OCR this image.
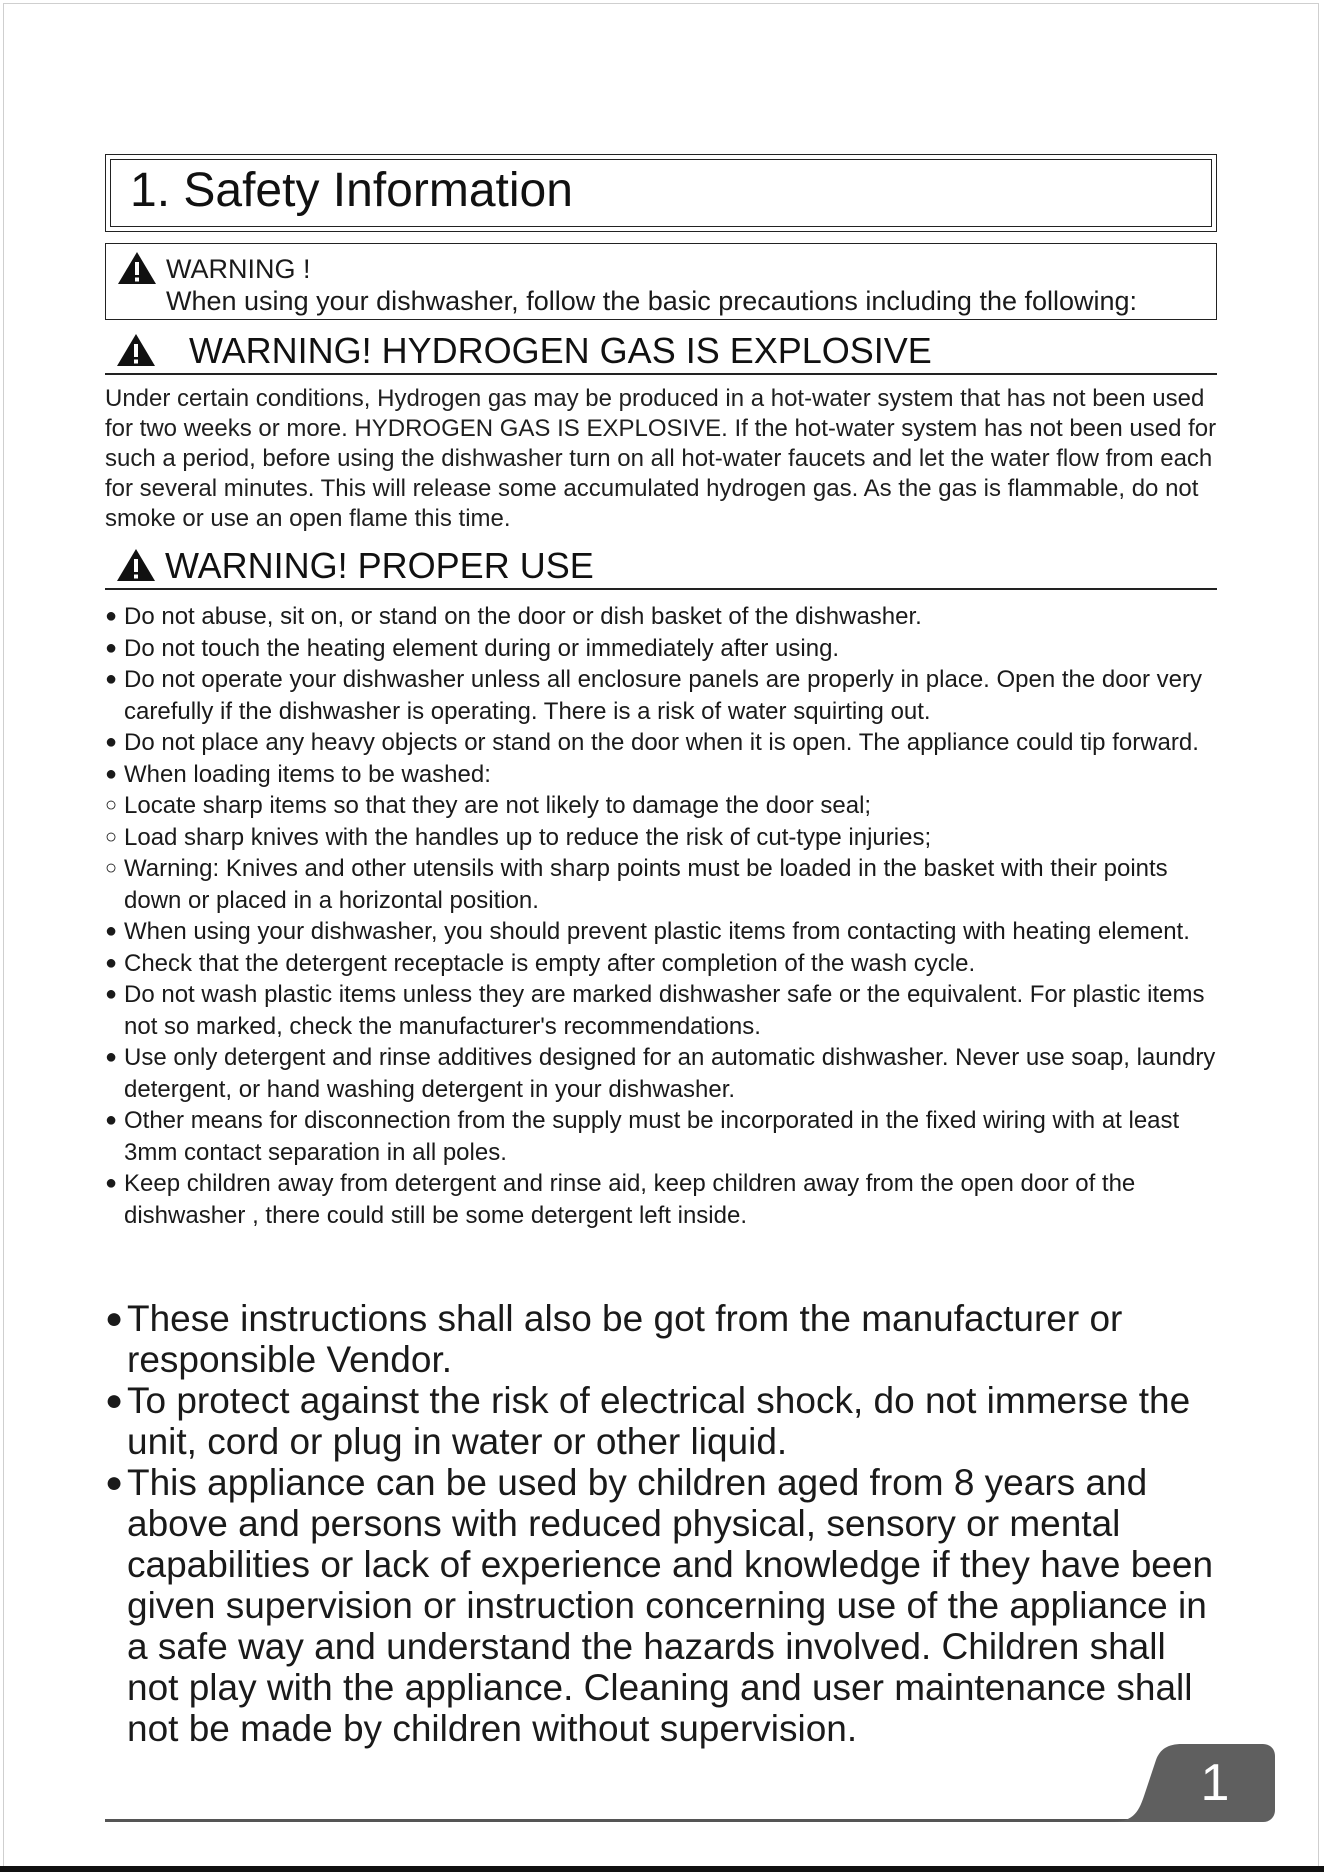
1. Safety Information
WARNING !
When using your dishwasher, follow the basic precautions including the following:
WARNING! HYDROGEN GAS IS EXPLOSIVE

Under certain conditions, Hydrogen gas may be produced in a hot-water system that has not been used for two weeks or more. HYDROGEN GAS IS EXPLOSIVE. If the hot-water system has not been used for such a period, before using the dishwasher turn on all hot-water faucets and let the water flow from each for several minutes. This will release some accumulated hydrogen gas. As the gas is flammable, do not smoke or use an open flame this time.

WARNING! PROPER USE
● Do not abuse, sit on, or stand on the door or dish basket of the dishwasher.
● Do not touch the heating element during or immediately after using.
● Do not operate your dishwasher unless all enclosure panels are properly in place. Open the door very carefully if the dishwasher is operating. There is a risk of water squirting out.
● Do not place any heavy objects or stand on the door when it is open. The appliance could tip forward.
● When loading items to be washed:
○ Locate sharp items so that they are not likely to damage the door seal;
○ Load sharp knives with the handles up to reduce the risk of cut-type injuries;
○ Warning: Knives and other utensils with sharp points must be loaded in the basket with their points down or placed in a horizontal position.
● When using your dishwasher, you should prevent plastic items from contacting with heating element.
● Check that the detergent receptacle is empty after completion of the wash cycle.
● Do not wash plastic items unless they are marked dishwasher safe or the equivalent. For plastic items not so marked, check the manufacturer's recommendations.
● Use only detergent and rinse additives designed for an automatic dishwasher. Never use soap, laundry detergent, or hand washing detergent in your dishwasher.
● Other means for disconnection from the supply must be incorporated in the fixed wiring with at least 3mm contact separation in all poles.
● Keep children away from detergent and rinse aid, keep children away from the open door of the dishwasher , there could still be some detergent left inside.
● These instructions shall also be got from the manufacturer or responsible Vendor.
● To protect against the risk of electrical shock, do not immerse the unit, cord or plug in water or other liquid.
● This appliance can be used by children aged from 8 years and above and persons with reduced physical, sensory or mental capabilities or lack of experience and knowledge if they have been given supervision or instruction concerning use of the appliance in a safe way and understand the hazards involved. Children shall not play with the appliance. Cleaning and user maintenance shall not be made by children without supervision.
1
